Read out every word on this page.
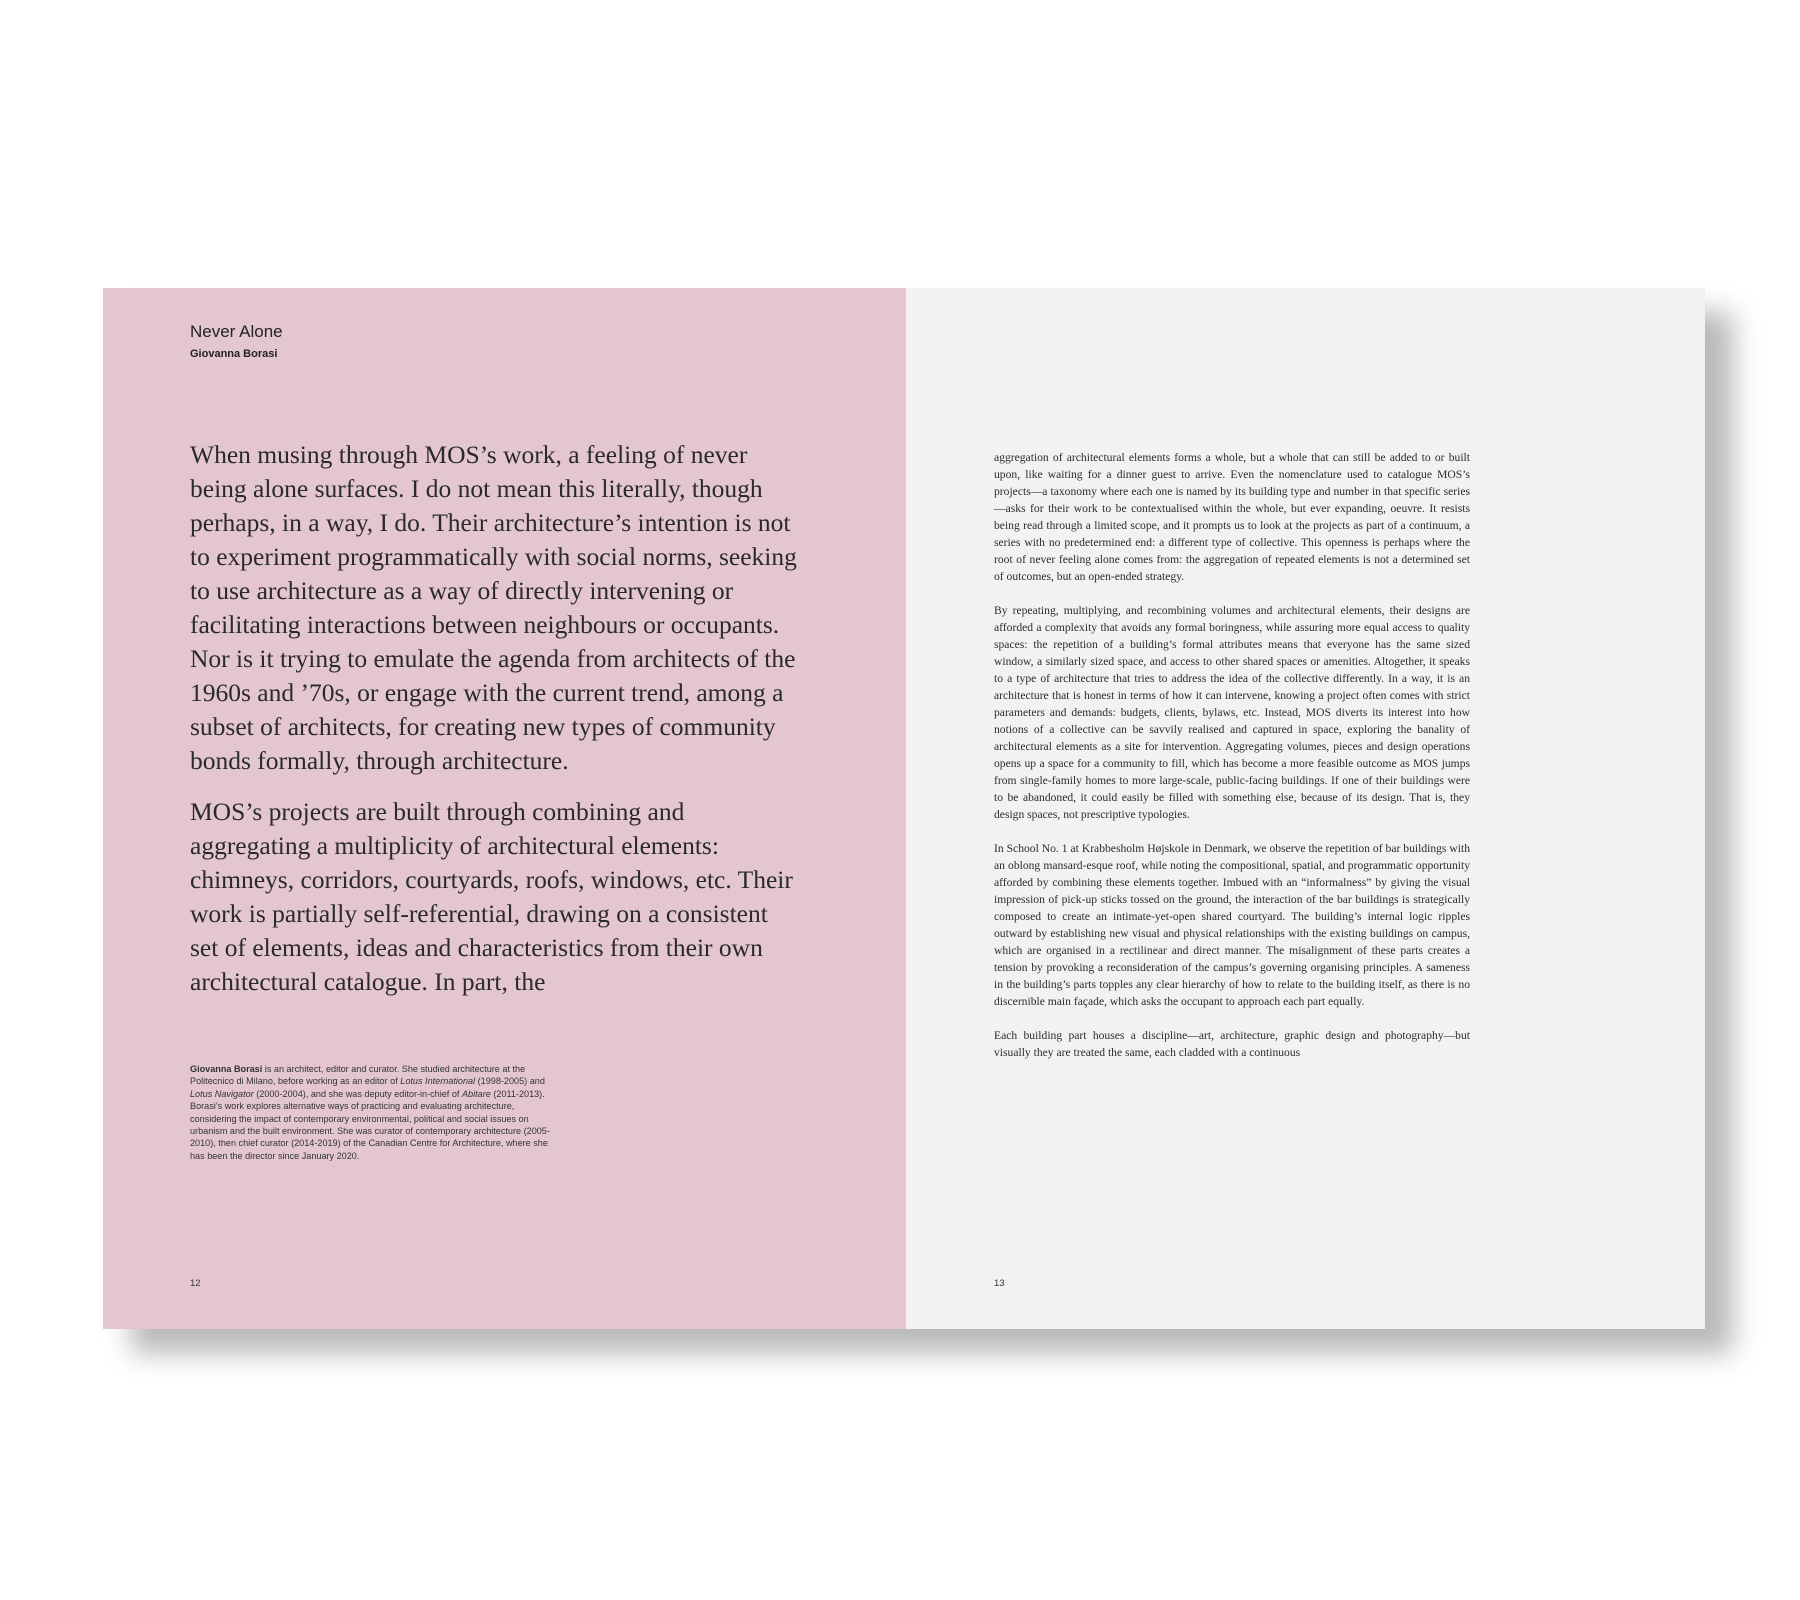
Never Alone
Giovanna Borasi

When musing through MOS’s work, a feeling of never being alone surfaces. I do not mean this literally, though perhaps, in a way, I do. Their architecture’s intention is not to experiment programmatically with social norms, seeking to use architecture as a way of directly intervening or facilitating interactions between neighbours or occupants. Nor is it trying to emulate the agenda from architects of the 1960s and ’70s, or engage with the current trend, among a subset of architects, for creating new types of community bonds formally, through architecture.

MOS’s projects are built through combining and aggregating a multiplicity of architectural elements: chimneys, corridors, courtyards, roofs, windows, etc. Their work is partially self-referential, drawing on a consistent set of elements, ideas and characteristics from their own architectural catalogue. In part, the

Giovanna Borasi is an architect, editor and curator. She studied architecture at the Politecnico di Milano, before working as an editor of Lotus International (1998-2005) and Lotus Navigator (2000-2004), and she was deputy editor-in-chief of Abitare (2011-2013). Borasi’s work explores alternative ways of practicing and evaluating architecture, considering the impact of contemporary environmental, political and social issues on urbanism and the built environment. She was curator of contemporary architecture (2005-2010), then chief curator (2014-2019) of the Canadian Centre for Architecture, where she has been the director since January 2020.
12

aggregation of architectural elements forms a whole, but a whole that can still be added to or built upon, like waiting for a dinner guest to arrive. Even the nomenclature used to catalogue MOS’s projects—a taxonomy where each one is named by its building type and number in that specific series—asks for their work to be contextualised within the whole, but ever expanding, oeuvre. It resists being read through a limited scope, and it prompts us to look at the projects as part of a continuum, a series with no predetermined end: a different type of collective. This openness is perhaps where the root of never feeling alone comes from: the aggregation of repeated elements is not a determined set of outcomes, but an open-ended strategy.

By repeating, multiplying, and recombining volumes and architectural elements, their designs are afforded a complexity that avoids any formal boringness, while assuring more equal access to quality spaces: the repetition of a building’s formal attributes means that everyone has the same sized window, a similarly sized space, and access to other shared spaces or amenities. Altogether, it speaks to a type of architecture that tries to address the idea of the collective differently. In a way, it is an architecture that is honest in terms of how it can intervene, knowing a project often comes with strict parameters and demands: budgets, clients, bylaws, etc. Instead, MOS diverts its interest into how notions of a collective can be savvily realised and captured in space, exploring the banality of architectural elements as a site for intervention. Aggregating volumes, pieces and design operations opens up a space for a community to fill, which has become a more feasible outcome as MOS jumps from single-family homes to more large-scale, public-facing buildings. If one of their buildings were to be abandoned, it could easily be filled with something else, because of its design. That is, they design spaces, not prescriptive typologies.

In School No. 1 at Krabbesholm Højskole in Denmark, we observe the repetition of bar buildings with an oblong mansard-esque roof, while noting the compositional, spatial, and programmatic opportunity afforded by combining these elements together. Imbued with an “informalness” by giving the visual impression of pick-up sticks tossed on the ground, the interaction of the bar buildings is strategically composed to create an intimate-yet-open shared courtyard. The building’s internal logic ripples outward by establishing new visual and physical relationships with the existing buildings on campus, which are organised in a rectilinear and direct manner. The misalignment of these parts creates a tension by provoking a reconsideration of the campus’s governing organising principles. A sameness in the building’s parts topples any clear hierarchy of how to relate to the building itself, as there is no discernible main façade, which asks the occupant to approach each part equally.

Each building part houses a discipline—art, architecture, graphic design and photography—but visually they are treated the same, each cladded with a continuous

13
